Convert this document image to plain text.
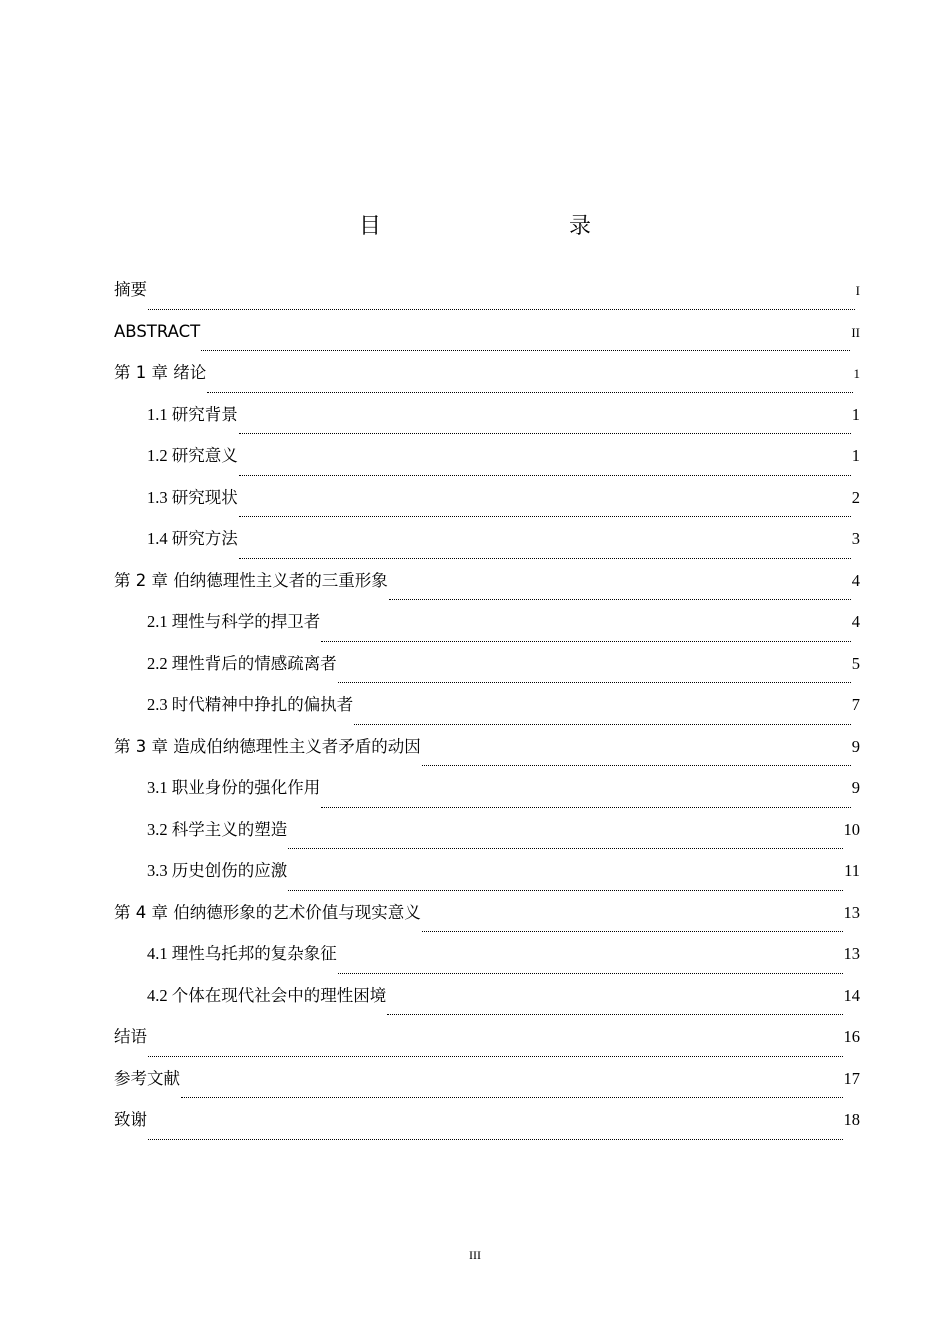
目　　录
摘要	I
ABSTRACT	II
第 1 章 绪论	1
1.1 研究背景	1
1.2 研究意义	1
1.3 研究现状	2
1.4 研究方法	3
第 2 章 伯纳德理性主义者的三重形象	4
2.1 理性与科学的捍卫者	4
2.2 理性背后的情感疏离者	5
2.3 时代精神中挣扎的偏执者	7
第 3 章 造成伯纳德理性主义者矛盾的动因	9
3.1 职业身份的强化作用	9
3.2 科学主义的塑造	10
3.3 历史创伤的应激	11
第 4 章 伯纳德形象的艺术价值与现实意义	13
4.1 理性乌托邦的复杂象征	13
4.2 个体在现代社会中的理性困境	14
结语	16
参考文献	17
致谢	18
III
